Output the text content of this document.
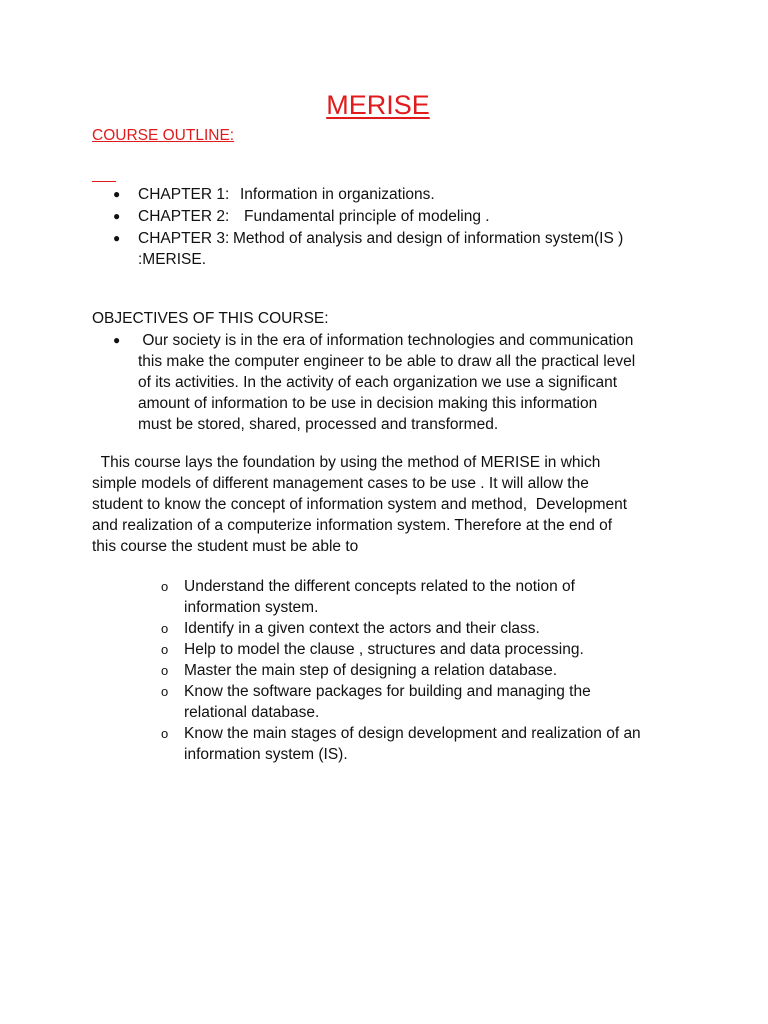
MERISE
COURSE OUTLINE:
● CHAPTER 1: Information in organizations.
● CHAPTER 2: Fundamental principle of modeling .
● CHAPTER 3: Method of analysis and design of information system(IS )
:MERISE.
OBJECTIVES OF THIS COURSE:
● Our society is in the era of information technologies and communication
this make the computer engineer to be able to draw all the practical level
of its activities. In the activity of each organization we use a significant
amount of information to be use in decision making this information
must be stored, shared, processed and transformed.
This course lays the foundation by using the method of MERISE in which
simple models of different management cases to be use . It will allow the
student to know the concept of information system and method,  Development
and realization of a computerize information system. Therefore at the end of
this course the student must be able to
o Understand the different concepts related to the notion of
information system.
o Identify in a given context the actors and their class.
o Help to model the clause , structures and data processing.
o Master the main step of designing a relation database.
o Know the software packages for building and managing the
relational database.
o Know the main stages of design development and realization of an
information system (IS).
